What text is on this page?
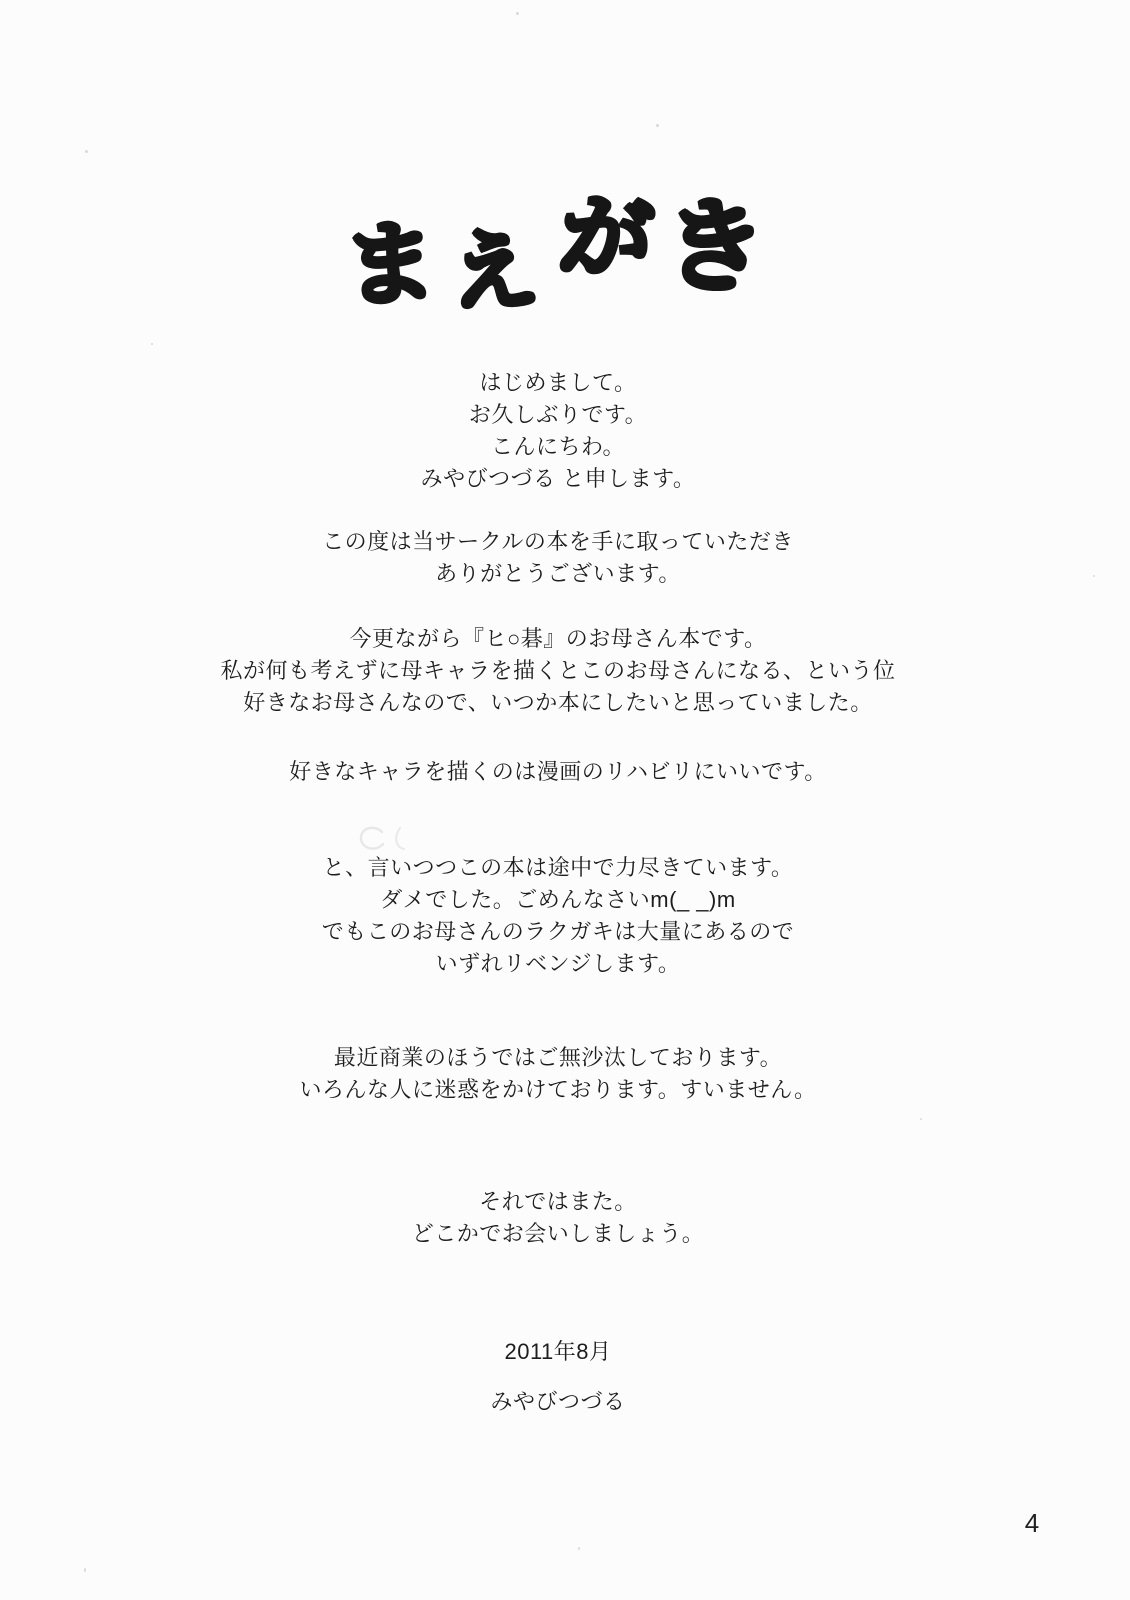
ま え がき
はじめまして。
お久しぶりです。
こんにちわ。
みやびつづる と申します。
この度は当サークルの本を手に取っていただき
ありがとうございます。
今更ながら『ヒ○碁』のお母さん本です。
私が何も考えずに母キャラを描くとこのお母さんになる、という位
好きなお母さんなので、いつか本にしたいと思っていました。
好きなキャラを描くのは漫画のリハビリにいいです。
と、言いつつこの本は途中で力尽きています。
ダメでした。ごめんなさいm(_ _)m
でもこのお母さんのラクガキは大量にあるので
いずれリベンジします。
最近商業のほうではご無沙汰しております。
いろんな人に迷惑をかけております。すいません。
それではまた。
どこかでお会いしましょう。
2011年8月
みやびつづる
4
